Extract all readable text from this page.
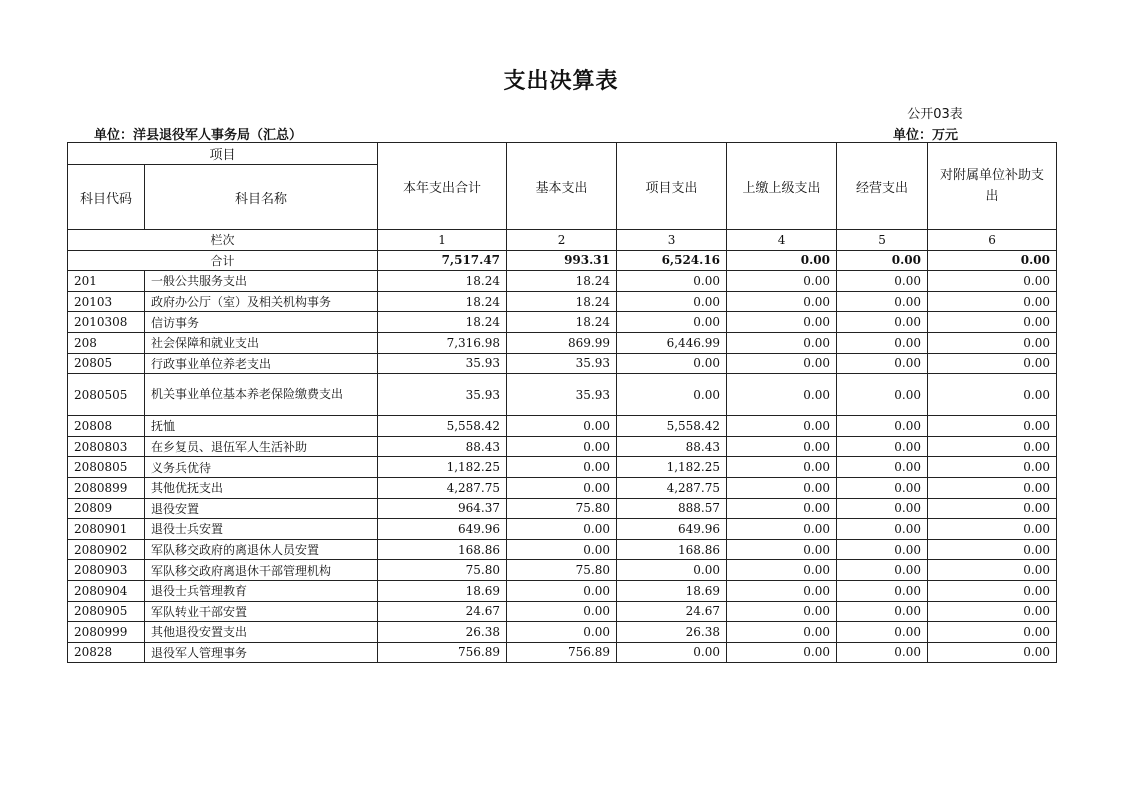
支出决算表
公开03表
单位：洋县退役军人事务局（汇总）	单位：万元
项目		本年支出合计	基本支出	项目支出	上缴上级支出	经营支出	对附属单位补助支出
科目代码	科目名称						
栏次		1	2	3	4	5	6
合计		7,517.47	993.31	6,524.16	0.00	0.00	0.00
201	一般公共服务支出	18.24	18.24	0.00	0.00	0.00	0.00
20103	政府办公厅（室）及相关机构事务	18.24	18.24	0.00	0.00	0.00	0.00
2010308	信访事务	18.24	18.24	0.00	0.00	0.00	0.00
208	社会保障和就业支出	7,316.98	869.99	6,446.99	0.00	0.00	0.00
20805	行政事业单位养老支出	35.93	35.93	0.00	0.00	0.00	0.00
2080505	机关事业单位基本养老保险缴费支出	35.93	35.93	0.00	0.00	0.00	0.00
20808	抚恤	5,558.42	0.00	5,558.42	0.00	0.00	0.00
2080803	在乡复员、退伍军人生活补助	88.43	0.00	88.43	0.00	0.00	0.00
2080805	义务兵优待	1,182.25	0.00	1,182.25	0.00	0.00	0.00
2080899	其他优抚支出	4,287.75	0.00	4,287.75	0.00	0.00	0.00
20809	退役安置	964.37	75.80	888.57	0.00	0.00	0.00
2080901	退役士兵安置	649.96	0.00	649.96	0.00	0.00	0.00
2080902	军队移交政府的离退休人员安置	168.86	0.00	168.86	0.00	0.00	0.00
2080903	军队移交政府离退休干部管理机构	75.80	75.80	0.00	0.00	0.00	0.00
2080904	退役士兵管理教育	18.69	0.00	18.69	0.00	0.00	0.00
2080905	军队转业干部安置	24.67	0.00	24.67	0.00	0.00	0.00
2080999	其他退役安置支出	26.38	0.00	26.38	0.00	0.00	0.00
20828	退役军人管理事务	756.89	756.89	0.00	0.00	0.00	0.00
